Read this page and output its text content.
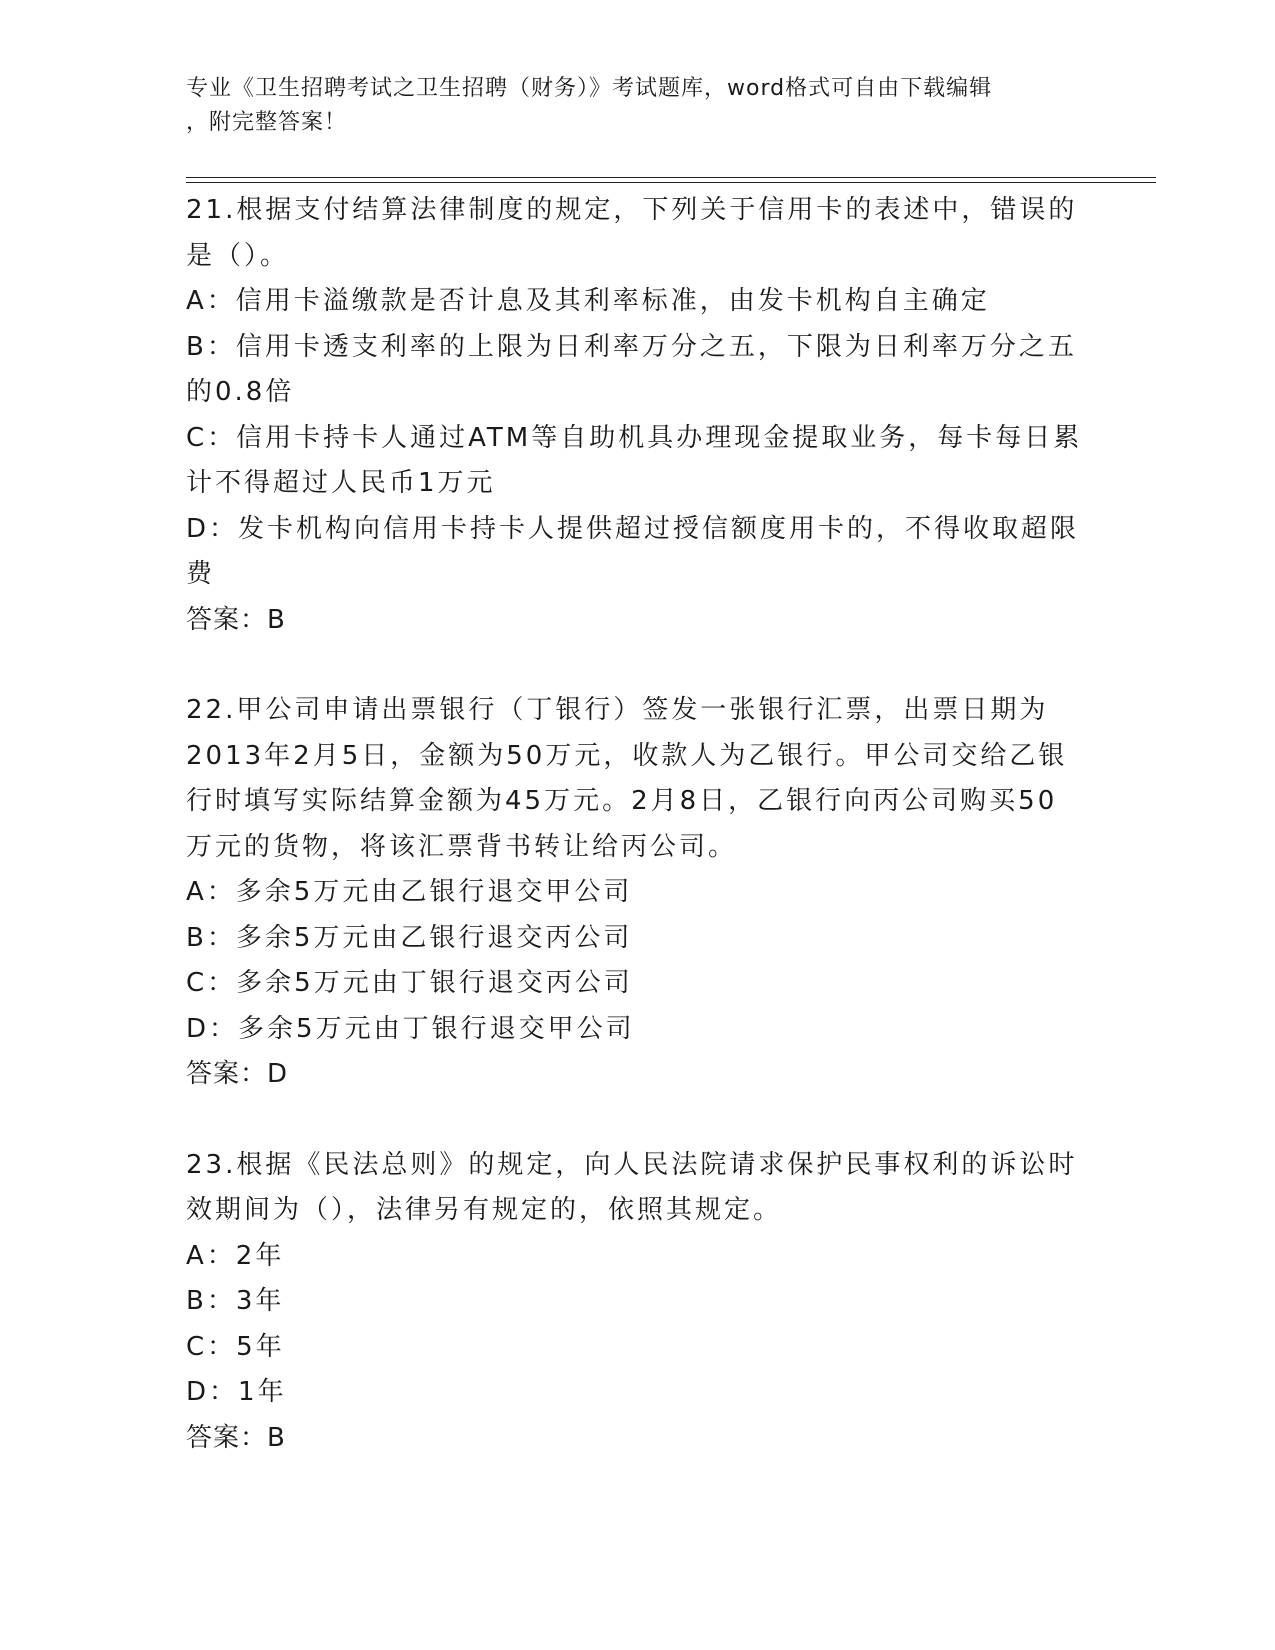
专业《卫生招聘考试之卫生招聘（财务）》考试题库，word格式可自由下载编辑
，附完整答案！

21.根据支付结算法律制度的规定，下列关于信用卡的表述中，错误的是（）。

A：信用卡溢缴款是否计息及其利率标准，由发卡机构自主确定

B：信用卡透支利率的上限为日利率万分之五，下限为日利率万分之五的0.8倍

C：信用卡持卡人通过ATM等自助机具办理现金提取业务，每卡每日累计不得超过人民币1万元

D：发卡机构向信用卡持卡人提供超过授信额度用卡的，不得收取超限费

答案：B

22.甲公司申请出票银行（丁银行）签发一张银行汇票，出票日期为2013年2月5日，金额为50万元，收款人为乙银行。甲公司交给乙银行时填写实际结算金额为45万元。2月8日，乙银行向丙公司购买50万元的货物，将该汇票背书转让给丙公司。

A：多余5万元由乙银行退交甲公司

B：多余5万元由乙银行退交丙公司

C：多余5万元由丁银行退交丙公司

D：多余5万元由丁银行退交甲公司

答案：D

23.根据《民法总则》的规定，向人民法院请求保护民事权利的诉讼时效期间为（），法律另有规定的，依照其规定。

A：2年

B：3年

C：5年

D：1年

答案：B
